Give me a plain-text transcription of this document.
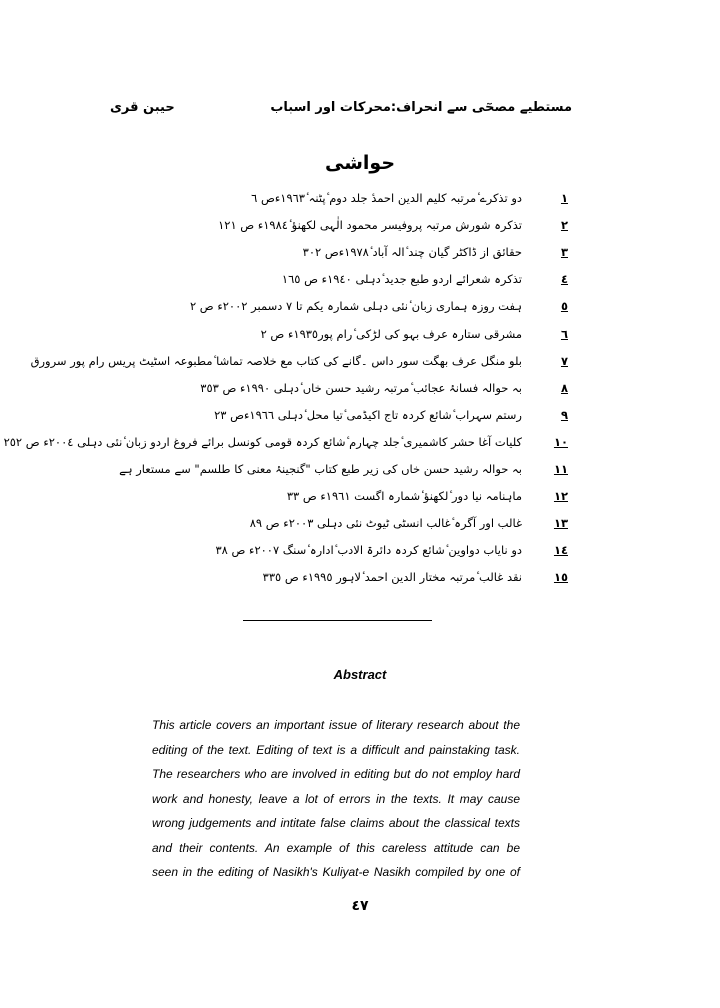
مستطیے مصحٓی سے انحراف:محرکات اور اسباب
حیبن قری
حواشی
١
دو تذکرے ٔمرتبہ کلیم الدین احمدٔ جلد دوم ٔپٹنہ ٔ١٩٦٣ءص ٦
٢
تذکرہ شورش مرتبہ پروفیسر محمود الٰہی لکھنؤ ٔ١٩٨٤ء ص ١٢١
٣
حقائق از ڈاکٹر گیان چند ٔالہ آباد ٔ١٩٧٨ءص ٣٠٢
٤
تذکرہ شعرائے اردو طبع جدید ٔدہلی ١٩٤٠ء ص ١٦٥
٥
ہفت روزہ ہماری زبان ٔنئی دہلی شمارہ یکم تا ٧ دسمبر ٢٠٠٢ء ص ٢
٦
مشرقی ستارہ عرف بہو کی لڑکی ٔرام پور١٩٣٥ء ص ٢
٧
بلو منگل عرف بھگت سور داس ۔گانے کی کتاب مع خلاصہ تماشا ٔمطبوعہ اسٹیٹ پریس رام پور سرورق
٨
بہ حوالہ فسانۂ عجائب ٔمرتبہ رشید حسن خاں ٔدہلی ١٩٩٠ء ص ٣٥٣
٩
رستم سہراب ٔشائع کردہ تاج اکیڈمی ٔتیا محل ٔدہلی ١٩٦٦ءص ٢٣
١٠
کلیات آغا حشر کاشمیری ٔجلد چہارم ٔشائع کردہ قومی کونسل برائے فروغ اردو زبان ٔنئی دہلی ٢٠٠٤ء ص ٢٥٢
١١
بہ حوالہ رشید حسن خاں کی زیر طبع کتاب "گنجینۂ معنی کا طلسم" سے مستعار ہے
١٢
ماہنامہ نیا دور ٔلکھنؤ ٔشمارہ اگست ١٩٦١ء ص ٣٣
١٣
غالب اور آگرہ ٔغالب انسٹی ٹیوٹ نئی دہلی ٢٠٠٣ء ص ٨٩
١٤
دو نایاب دواوین ٔشائع کردہ دائرۃ الادب ٔادارہ ٔسنگ ٢٠٠٧ء ص ٣٨
١٥
نقد غالب ٔمرتبہ مختار الدین احمد ٔلاہور ١٩٩٥ء ص ٣٣٥
Abstract
This article covers an important issue of literary research about the
editing of the text. Editing of text is a difficult and painstaking task.
The researchers who are involved in editing but do not employ hard
work and honesty, leave a lot of errors in the texts. It may cause
wrong judgements and intitate false claims about the classical texts
and their contents. An example of this careless attitude can be
seen in the editing of Nasikh's Kuliyat-e Nasikh compiled by one of
٤٧
